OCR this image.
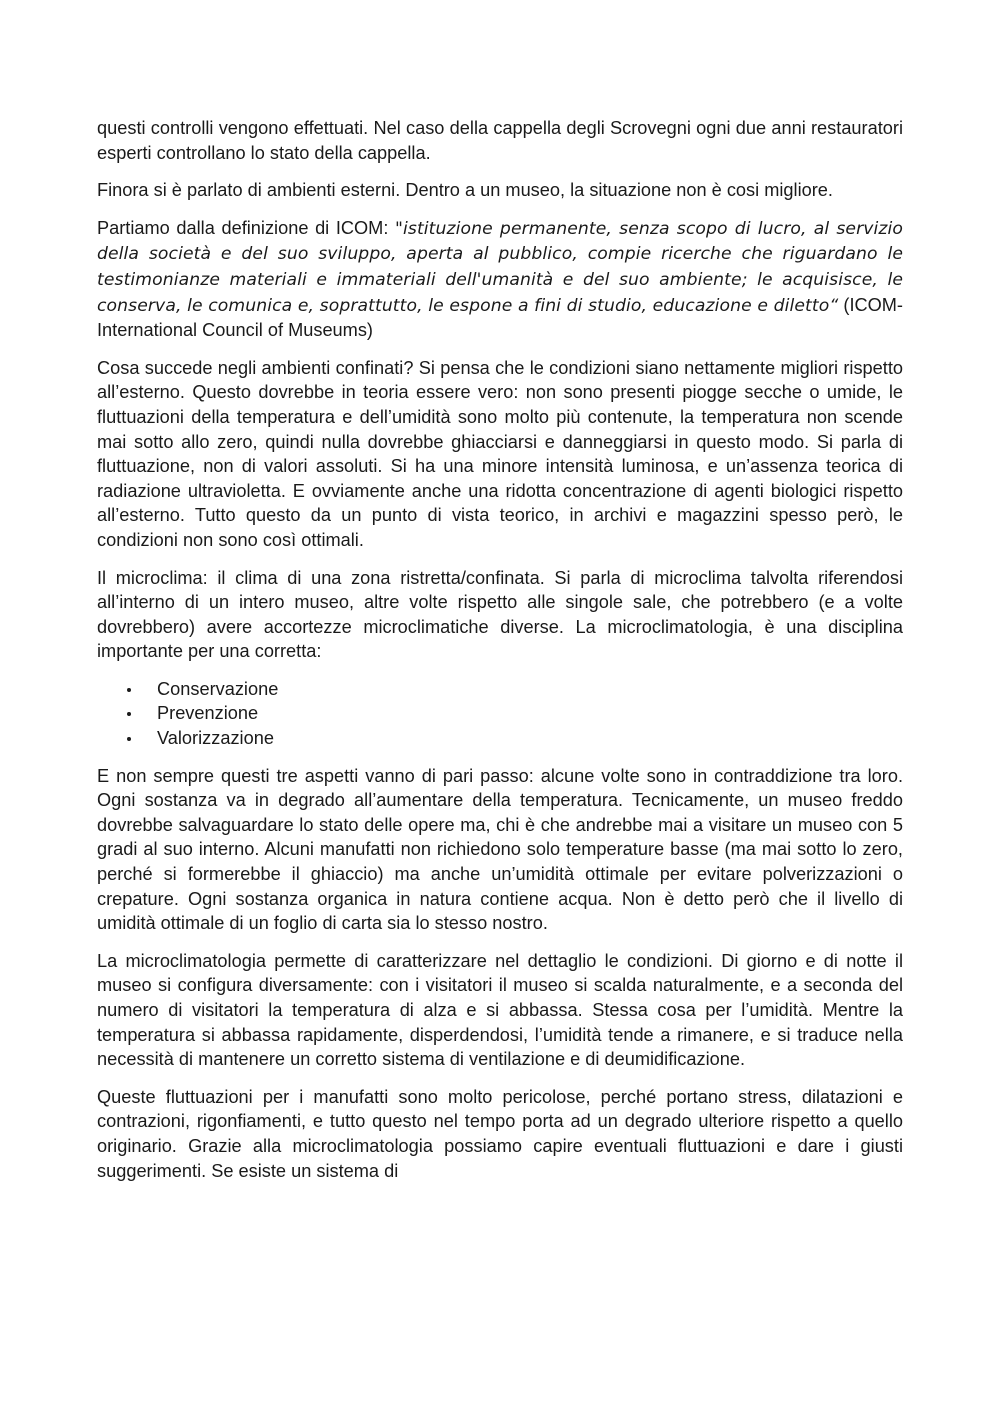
questi controlli vengono effettuati. Nel caso della cappella degli Scrovegni ogni due anni restauratori esperti controllano lo stato della cappella.

Finora si è parlato di ambienti esterni. Dentro a un museo, la situazione non è cosi migliore.

Partiamo dalla definizione di ICOM: "istituzione permanente, senza scopo di lucro, al servizio della società e del suo sviluppo, aperta al pubblico, compie ricerche che riguardano le testimonianze materiali e immateriali dell'umanità e del suo ambiente; le acquisisce, le conserva, le comunica e, soprattutto, le espone a fini di studio, educazione e diletto“ (ICOM-International Council of Museums)

Cosa succede negli ambienti confinati? Si pensa che le condizioni siano nettamente migliori rispetto all’esterno. Questo dovrebbe in teoria essere vero: non sono presenti piogge secche o umide, le fluttuazioni della temperatura e dell’umidità sono molto più contenute, la temperatura non scende mai sotto allo zero, quindi nulla dovrebbe ghiacciarsi e danneggiarsi in questo modo. Si parla di fluttuazione, non di valori assoluti. Si ha una minore intensità luminosa, e un’assenza teorica di radiazione ultravioletta. E ovviamente anche una ridotta concentrazione di agenti biologici rispetto all’esterno. Tutto questo da un punto di vista teorico, in archivi e magazzini spesso però, le condizioni non sono così ottimali.

Il microclima: il clima di una zona ristretta/confinata. Si parla di microclima talvolta riferendosi all’interno di un intero museo, altre volte rispetto alle singole sale, che potrebbero (e a volte dovrebbero) avere accortezze microclimatiche diverse. La microclimatologia, è una disciplina importante per una corretta:

Conservazione
Prevenzione
Valorizzazione

E non sempre questi tre aspetti vanno di pari passo: alcune volte sono in contraddizione tra loro. Ogni sostanza va in degrado all’aumentare della temperatura. Tecnicamente, un museo freddo dovrebbe salvaguardare lo stato delle opere ma, chi è che andrebbe mai a visitare un museo con 5 gradi al suo interno. Alcuni manufatti non richiedono solo temperature basse (ma mai sotto lo zero, perché si formerebbe il ghiaccio) ma anche un’umidità ottimale per evitare polverizzazioni o crepature. Ogni sostanza organica in natura contiene acqua. Non è detto però che il livello di umidità ottimale di un foglio di carta sia lo stesso nostro.

La microclimatologia permette di caratterizzare nel dettaglio le condizioni. Di giorno e di notte il museo si configura diversamente: con i visitatori il museo si scalda naturalmente, e a seconda del numero di visitatori la temperatura di alza e si abbassa. Stessa cosa per l’umidità. Mentre la temperatura si abbassa rapidamente, disperdendosi, l’umidità tende a rimanere, e si traduce nella necessità di mantenere un corretto sistema di ventilazione e di deumidificazione.

Queste fluttuazioni per i manufatti sono molto pericolose, perché portano stress, dilatazioni e contrazioni, rigonfiamenti, e tutto questo nel tempo porta ad un degrado ulteriore rispetto a quello originario. Grazie alla microclimatologia possiamo capire eventuali fluttuazioni e dare i giusti suggerimenti. Se esiste un sistema di
